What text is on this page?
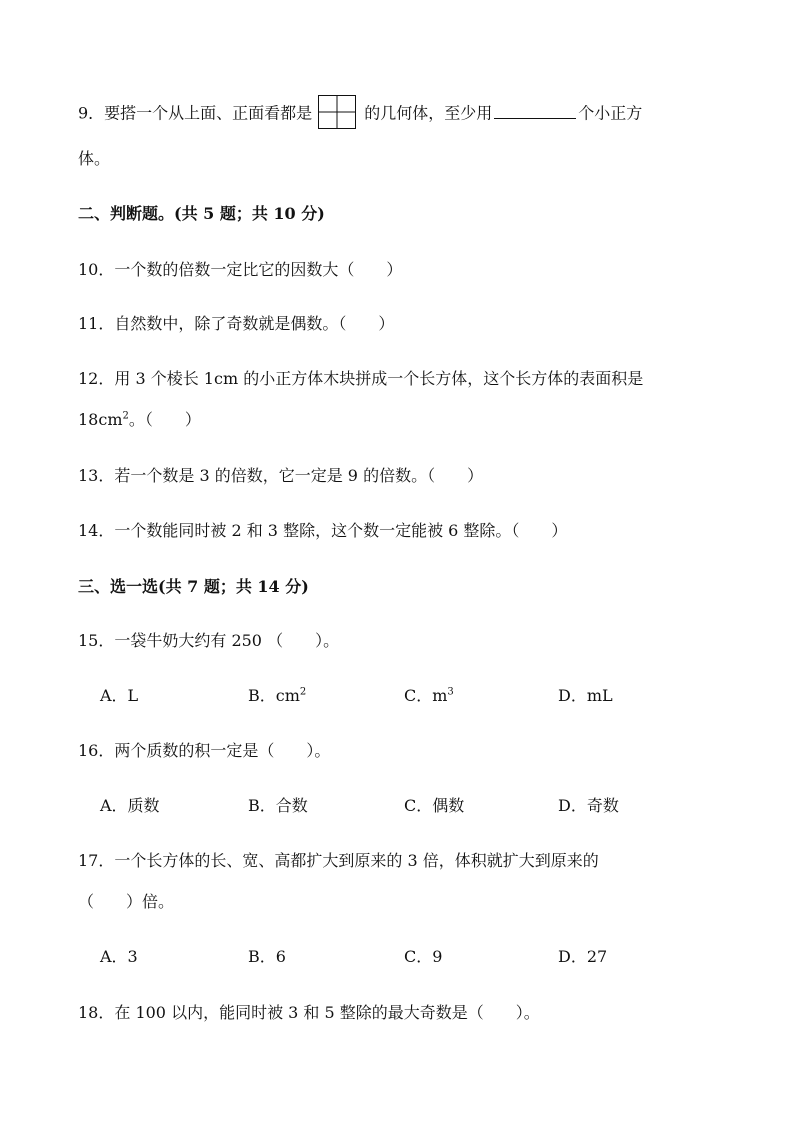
9．要搭一个从上面、正面看都是	的几何体，至少用	个小正方
体。
二、判断题。(共 5 题；共 10 分)
10．一个数的倍数一定比它的因数大（　　）
11．自然数中，除了奇数就是偶数。（　　）
12．用 3 个棱长 1cm 的小正方体木块拼成一个长方体，这个长方体的表面积是
$18cm^2$。（　　）
13．若一个数是 3 的倍数，它一定是 9 的倍数。（　　）
14．一个数能同时被 2 和 3 整除，这个数一定能被 6 整除。（　　）
三、选一选(共 7 题；共 14 分)
15．一袋牛奶大约有 250 （　　）。
A．L	B．$cm^2$	C．$m^3$	D．mL
16．两个质数的积一定是（　　）。
A．质数	B．合数	C．偶数	D．奇数
17．一个长方体的长、宽、高都扩大到原来的 3 倍，体积就扩大到原来的
（　　）倍。
A．3	B．6	C．9	D．27
18．在 100 以内，能同时被 3 和 5 整除的最大奇数是（　　）。
